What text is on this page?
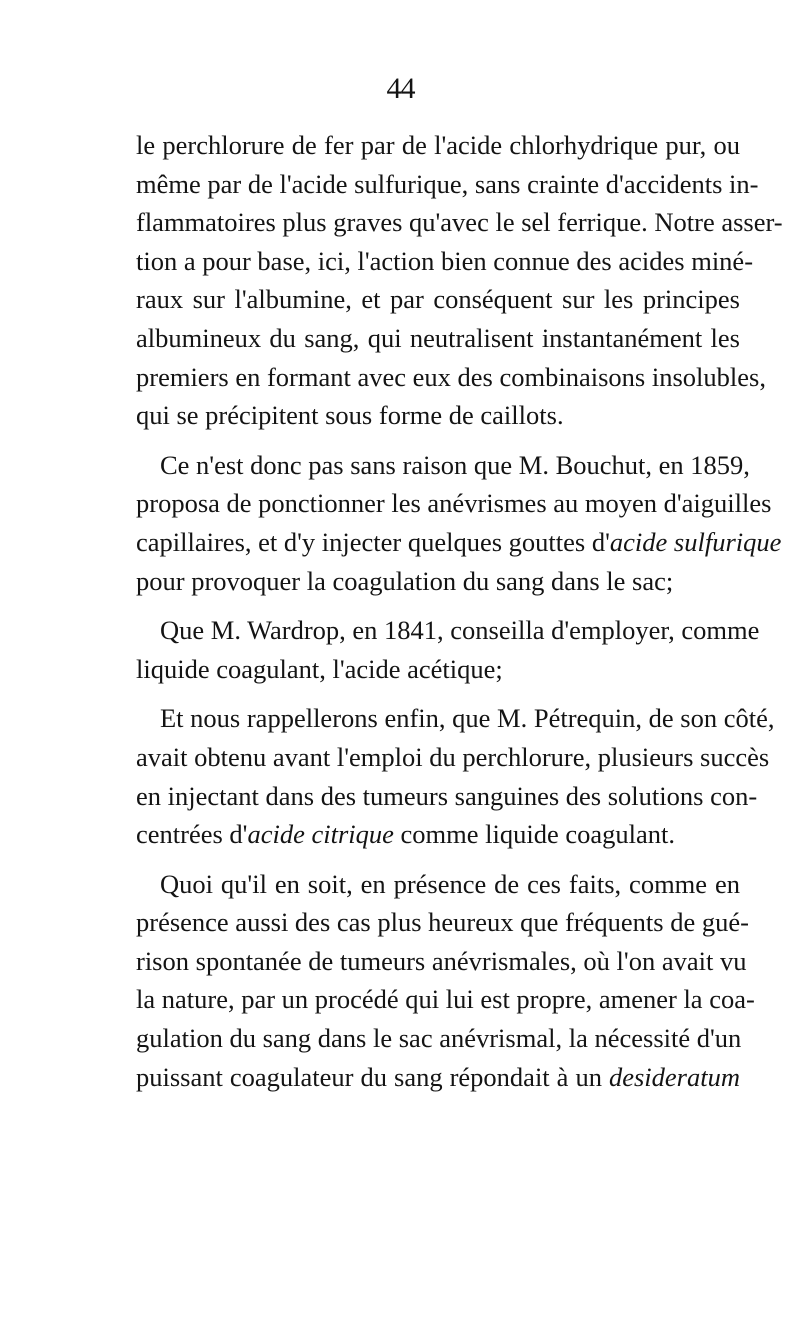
44

le perchlorure de fer par de l'acide chlorhydrique pur, ou
même par de l'acide sulfurique, sans crainte d'accidents in-
flammatoires plus graves qu'avec le sel ferrique. Notre asser-
tion a pour base, ici, l'action bien connue des acides miné-
raux sur l'albumine, et par conséquent sur les principes
albumineux du sang, qui neutralisent instantanément les
premiers en formant avec eux des combinaisons insolubles,
qui se précipitent sous forme de caillots.

Ce n'est donc pas sans raison que M. Bouchut, en 1859,
proposa de ponctionner les anévrismes au moyen d'aiguilles
capillaires, et d'y injecter quelques gouttes d'acide sulfurique
pour provoquer la coagulation du sang dans le sac;

Que M. Wardrop, en 1841, conseilla d'employer, comme
liquide coagulant, l'acide acétique;

Et nous rappellerons enfin, que M. Pétrequin, de son côté,
avait obtenu avant l'emploi du perchlorure, plusieurs succès
en injectant dans des tumeurs sanguines des solutions con-
centrées d'acide citrique comme liquide coagulant.

Quoi qu'il en soit, en présence de ces faits, comme en
présence aussi des cas plus heureux que fréquents de gué-
rison spontanée de tumeurs anévrismales, où l'on avait vu
la nature, par un procédé qui lui est propre, amener la coa-
gulation du sang dans le sac anévrismal, la nécessité d'un
puissant coagulateur du sang répondait à un desideratum
